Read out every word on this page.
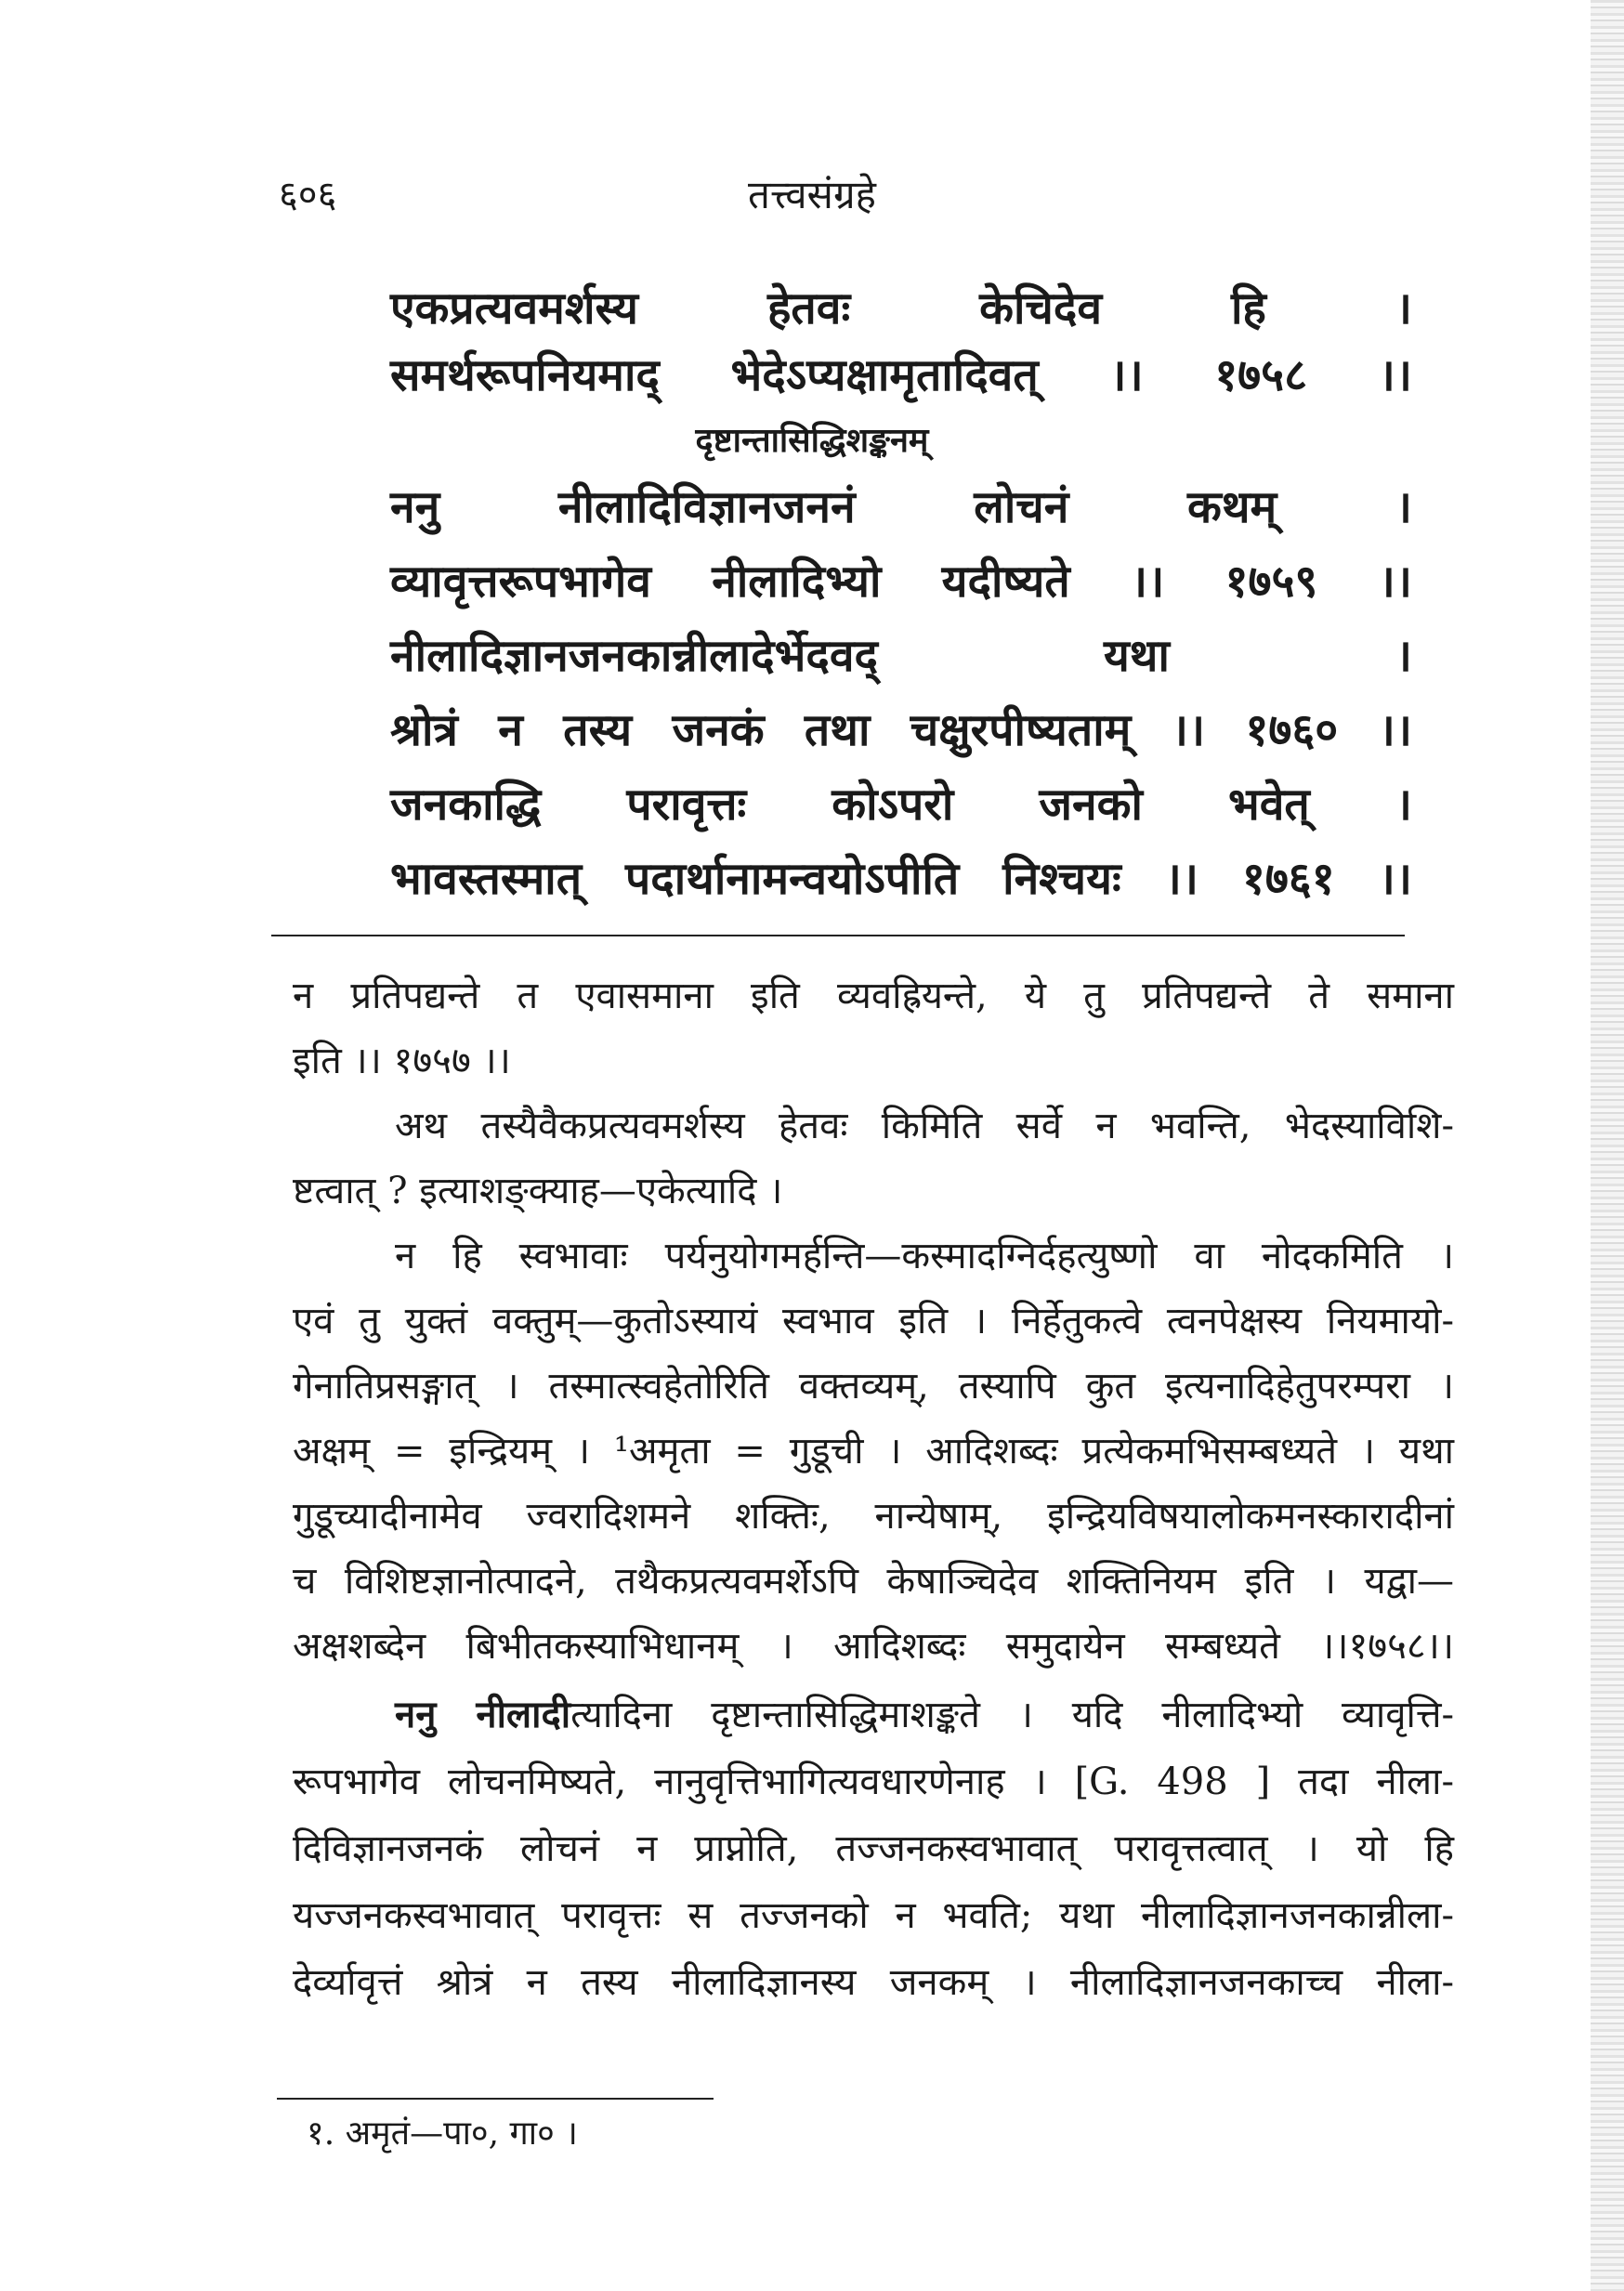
तत्त्वसंग्रहे
६०६
एकप्रत्यवमर्शस्य हेतवः केचिदेव हि ।
समर्थरूपनियमाद् भेदेऽप्यक्षामृतादिवत् ।। १७५८ ।।
दृष्टान्तासिद्धिशङ्कनम्
ननु नीलादिविज्ञानजननं लोचनं कथम् ।
व्यावृत्तरूपभागेव नीलादिभ्यो यदीष्यते ।। १७५९ ।।
नीलादिज्ञानजनकान्नीलादेर्भेदवद् यथा ।
श्रोत्रं न तस्य जनकं तथा चक्षुरपीष्यताम् ।। १७६० ।।
जनकाद्धि परावृत्तः कोऽपरो जनको भवेत् ।
भावस्तस्मात् पदार्थानामन्वयोऽपीति निश्चयः ।। १७६१ ।।
न प्रतिपद्यन्ते त एवासमाना इति व्यवह्रियन्ते, ये तु प्रतिपद्यन्ते ते समाना
इति ।। १७५७ ।।
अथ तस्यैवैकप्रत्यवमर्शस्य हेतवः किमिति सर्वे न भवन्ति, भेदस्याविशि-
ष्टत्वात् ? इत्याशङ्क्याह—एकेत्यादि ।
न हि स्वभावाः पर्यनुयोगमर्हन्ति—कस्मादग्निर्दहत्युष्णो वा नोदकमिति ।
एवं तु युक्तं वक्तुम्—कुतोऽस्यायं स्वभाव इति । निर्हेतुकत्वे त्वनपेक्षस्य नियमायो-
गेनातिप्रसङ्गात् । तस्मात्स्वहेतोरिति वक्तव्यम्, तस्यापि कुत इत्यनादिहेतुपरम्परा ।
अक्षम् = इन्द्रियम् । ¹अमृता = गुडूची । आदिशब्दः प्रत्येकमभिसम्बध्यते । यथा
गुडूच्यादीनामेव ज्वरादिशमने शक्तिः, नान्येषाम्, इन्द्रियविषयालोकमनस्कारादीनां
च विशिष्टज्ञानोत्पादने, तथैकप्रत्यवमर्शेऽपि केषाञ्चिदेव शक्तिनियम इति । यद्वा—
अक्षशब्देन बिभीतकस्याभिधानम् । आदिशब्दः समुदायेन सम्बध्यते ।।१७५८।।
ननु नीलादीत्यादिना दृष्टान्तासिद्धिमाशङ्कते । यदि नीलादिभ्यो व्यावृत्ति-
रूपभागेव लोचनमिष्यते, नानुवृत्तिभागित्यवधारणेनाह । [G. 498 ] तदा नीला-
दिविज्ञानजनकं लोचनं न प्राप्नोति, तज्जनकस्वभावात् परावृत्तत्वात् । यो हि
यज्जनकस्वभावात् परावृत्तः स तज्जनको न भवति; यथा नीलादिज्ञानजनकान्नीला-
देर्व्यावृत्तं श्रोत्रं न तस्य नीलादिज्ञानस्य जनकम् । नीलादिज्ञानजनकाच्च नीला-
१. अमृतं—पा०, गा० ।
